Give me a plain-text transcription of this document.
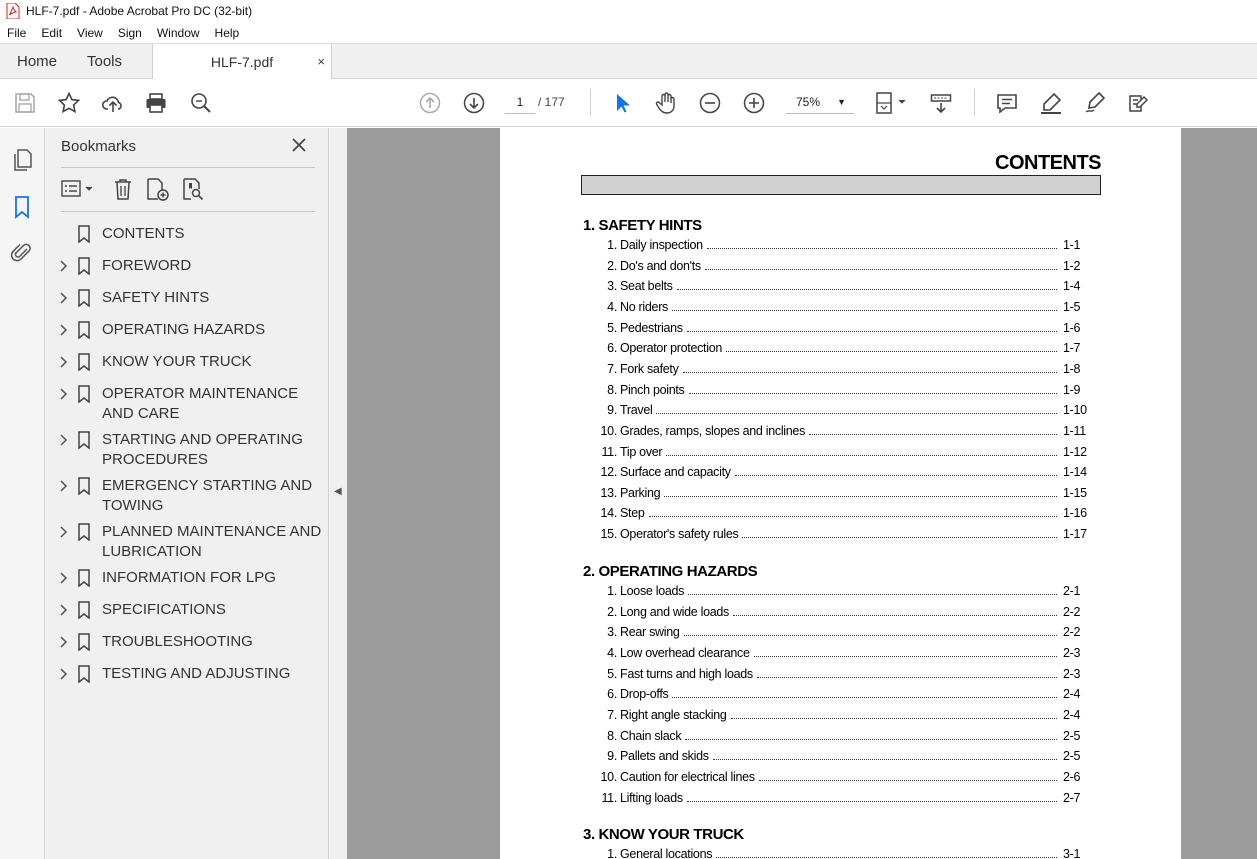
HLF-7.pdf - Adobe Acrobat Pro DC (32-bit)
File	Edit	View	Sign	Window	Help
Home	Tools	HLF-7.pdf	×
1	/ 177	75% ▼
Bookmarks
CONTENTS
FOREWORD
SAFETY HINTS
OPERATING HAZARDS
KNOW YOUR TRUCK
OPERATOR MAINTENANCE AND CARE
STARTING AND OPERATING PROCEDURES
EMERGENCY STARTING AND TOWING
PLANNED MAINTENANCE AND LUBRICATION
INFORMATION FOR LPG
SPECIFICATIONS
TROUBLESHOOTING
TESTING AND ADJUSTING
◀
CONTENTS
1. SAFETY HINTS
1. Daily inspection	1-1
2. Do's and don'ts	1-2
3. Seat belts	1-4
4. No riders	1-5
5. Pedestrians	1-6
6. Operator protection	1-7
7. Fork safety	1-8
8. Pinch points	1-9
9. Travel	1-10
10. Grades, ramps, slopes and inclines	1-11
11. Tip over	1-12
12. Surface and capacity	1-14
13. Parking	1-15
14. Step	1-16
15. Operator's safety rules	1-17
2. OPERATING HAZARDS
1. Loose loads	2-1
2. Long and wide loads	2-2
3. Rear swing	2-2
4. Low overhead clearance	2-3
5. Fast turns and high loads	2-3
6. Drop-offs	2-4
7. Right angle stacking	2-4
8. Chain slack	2-5
9. Pallets and skids	2-5
10. Caution for electrical lines	2-6
11. Lifting loads	2-7
3. KNOW YOUR TRUCK
1. General locations	3-1
